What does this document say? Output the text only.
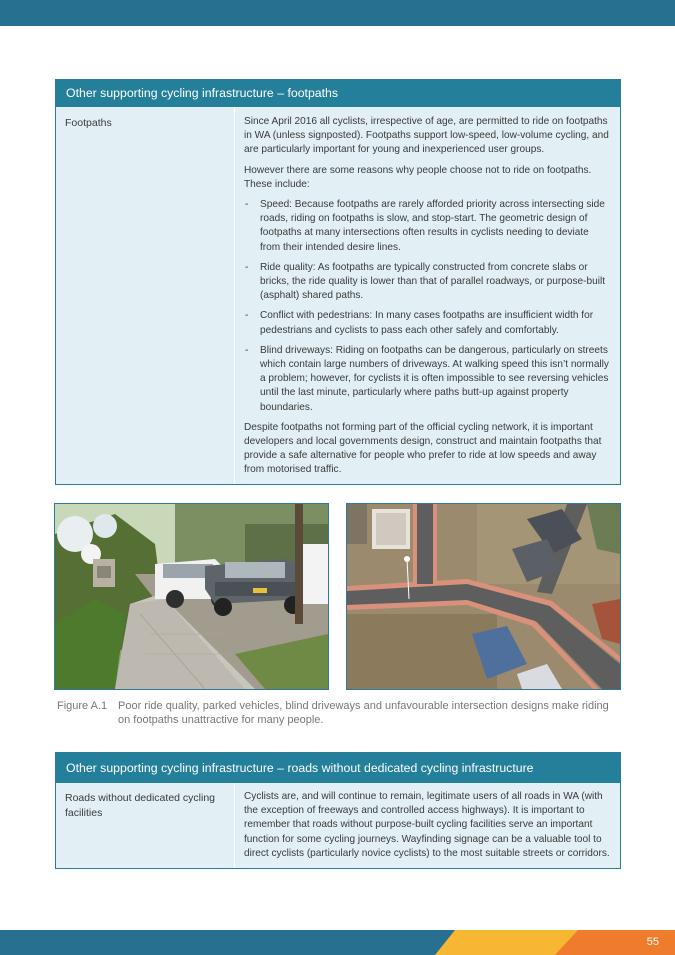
Other supporting cycling infrastructure – footpaths
Footpaths	Since April 2016 all cyclists, irrespective of age, are permitted to ride on footpaths in WA (unless signposted). Footpaths support low-speed, low-volume cycling, and are particularly important for young and inexperienced user groups.

However there are some reasons why people choose not to ride on footpaths. These include:

- Speed: Because footpaths are rarely afforded priority across intersecting side roads, riding on footpaths is slow, and stop-start. The geometric design of footpaths at many intersections often results in cyclists needing to deviate from their intended desire lines.
- Ride quality: As footpaths are typically constructed from concrete slabs or bricks, the ride quality is lower than that of parallel roadways, or purpose-built (asphalt) shared paths.
- Conflict with pedestrians: In many cases footpaths are insufficient width for pedestrians and cyclists to pass each other safely and comfortably.
- Blind driveways: Riding on footpaths can be dangerous, particularly on streets which contain large numbers of driveways. At walking speed this isn’t normally a problem; however, for cyclists it is often impossible to see reversing vehicles until the last minute, particularly where paths butt-up against property boundaries.

Despite footpaths not forming part of the official cycling network, it is important developers and local governments design, construct and maintain footpaths that provide a safe alternative for people who prefer to ride at low speeds and away from motorised traffic.

Figure A.1 Poor ride quality, parked vehicles, blind driveways and unfavourable intersection designs make riding on footpaths unattractive for many people.
Other supporting cycling infrastructure – roads without dedicated cycling infrastructure
Roads without dedicated cycling facilities

Cyclists are, and will continue to remain, legitimate users of all roads in WA (with the exception of freeways and controlled access highways). It is important to remember that roads without purpose-built cycling facilities serve an important function for some cycling journeys. Wayfinding signage can be a valuable tool to direct cyclists (particularly novice cyclists) to the most suitable streets or corridors.

55
